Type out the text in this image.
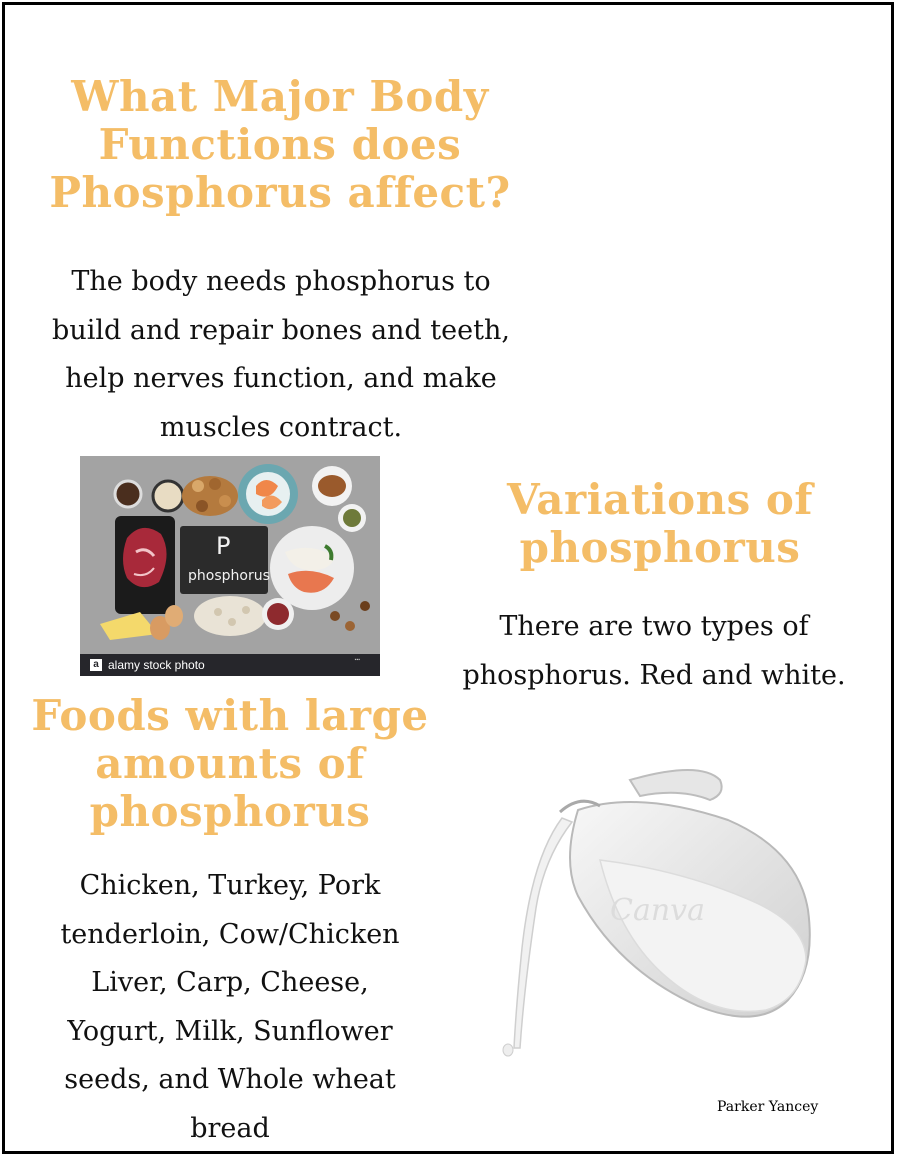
What Major Body
Functions does
Phosphorus affect?

The body needs phosphorus to
build and repair bones and teeth,
help nerves function, and make
muscles contract.

P
phosphorus
a alamy stock photo	▪▪▪
Variations of
phosphorus

There are two types of
phosphorus. Red and white.

Foods with large
amounts of
phosphorus

Chicken, Turkey, Pork
tenderloin, Cow/Chicken
Liver, Carp, Cheese,
Yogurt, Milk, Sunflower
seeds, and Whole wheat
bread

Canva

Parker Yancey
